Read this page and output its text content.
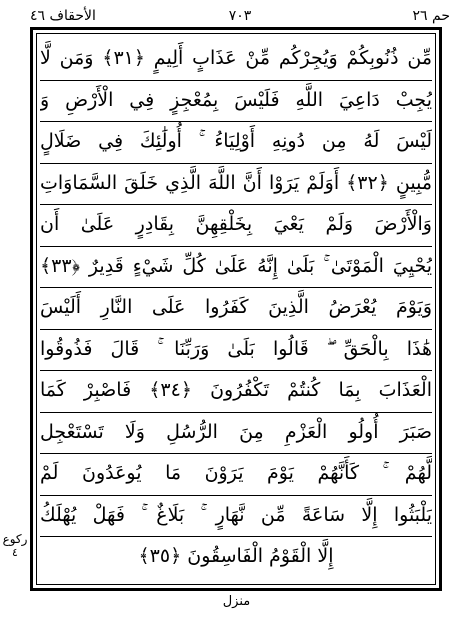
الأحقاف ٤٦	٧٠٣	حم ٢٦
مِّن ذُنُوبِكُمْ وَيُجِرْكُم مِّنْ عَذَابٍ أَلِيمٍ ﴿٣١﴾ وَمَن لَّا
يُجِبْ دَاعِيَ اللَّهِ فَلَيْسَ بِمُعْجِزٍ فِي الْأَرْضِ وَ
لَيْسَ لَهُ مِن دُونِهِ أَوْلِيَاءُ ۚ أُولَٰئِكَ فِي ضَلَالٍ
مُّبِينٍ ﴿٣٢﴾ أَوَلَمْ يَرَوْا أَنَّ اللَّهَ الَّذِي خَلَقَ السَّمَاوَاتِ
وَالْأَرْضَ وَلَمْ يَعْيَ بِخَلْقِهِنَّ بِقَادِرٍ عَلَىٰ أَن
يُحْيِيَ الْمَوْتَىٰ ۚ بَلَىٰ إِنَّهُ عَلَىٰ كُلِّ شَيْءٍ قَدِيرٌ ﴿٣٣﴾
وَيَوْمَ يُعْرَضُ الَّذِينَ كَفَرُوا عَلَى النَّارِ أَلَيْسَ
هَٰذَا بِالْحَقِّ ۖ قَالُوا بَلَىٰ وَرَبِّنَا ۚ قَالَ فَذُوقُوا
الْعَذَابَ بِمَا كُنتُمْ تَكْفُرُونَ ﴿٣٤﴾ فَاصْبِرْ كَمَا
صَبَرَ أُولُو الْعَزْمِ مِنَ الرُّسُلِ وَلَا تَسْتَعْجِل
لَّهُمْ ۚ كَأَنَّهُمْ يَوْمَ يَرَوْنَ مَا يُوعَدُونَ لَمْ
يَلْبَثُوا إِلَّا سَاعَةً مِّن نَّهَارٍ ۚ بَلَاغٌ ۚ فَهَلْ يُهْلَكُ
إِلَّا الْقَوْمُ الْفَاسِقُونَ ﴿٣٥﴾
ركوع
٤
منزل
